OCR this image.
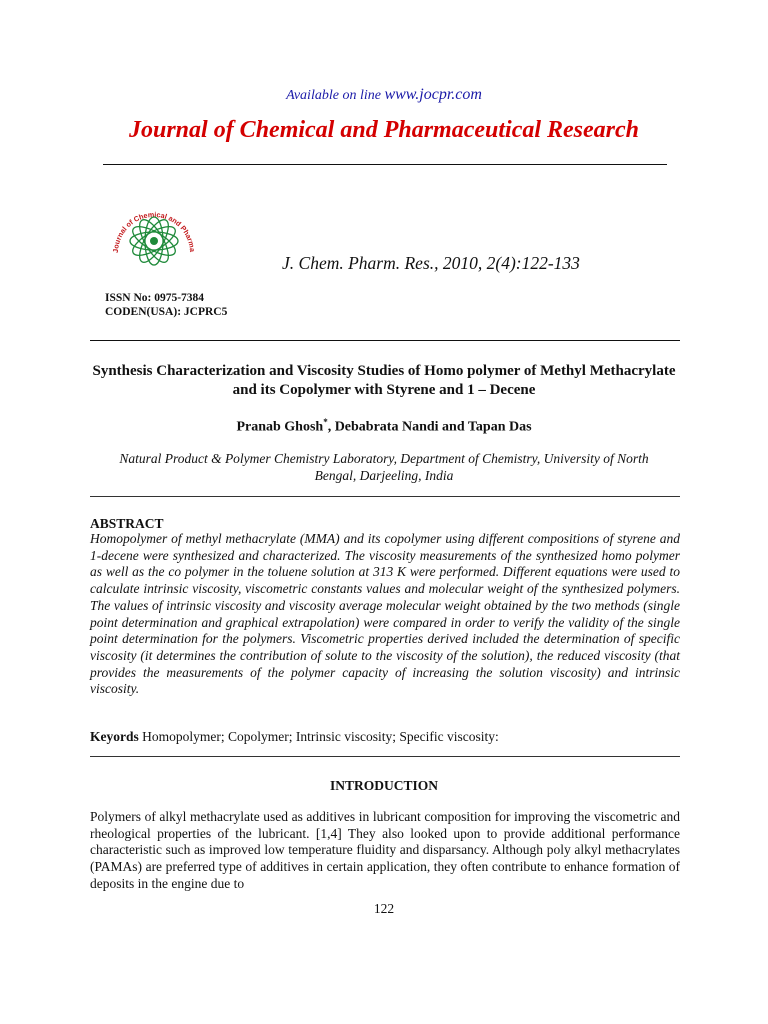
Available on line www.jocpr.com
Journal of Chemical and Pharmaceutical Research
Journal of Chemical and Pharma
J. Chem. Pharm. Res., 2010, 2(4):122-133
ISSN No: 0975-7384
CODEN(USA): JCPRC5
Synthesis Characterization and Viscosity Studies of Homo polymer of Methyl Methacrylate and its Copolymer with Styrene and 1 – Decene
Pranab Ghosh*, Debabrata Nandi and Tapan Das
Natural Product & Polymer Chemistry Laboratory, Department of Chemistry, University of North Bengal, Darjeeling, India
ABSTRACT
Homopolymer of methyl methacrylate (MMA) and its copolymer using different compositions of styrene and 1-decene were synthesized and characterized. The viscosity measurements of the synthesized homo polymer as well as the co polymer in the toluene solution at 313 K were performed. Different equations were used to calculate intrinsic viscosity, viscometric constants values and molecular weight of the synthesized polymers. The values of intrinsic viscosity and viscosity average molecular weight obtained by the two methods (single point determination and graphical extrapolation) were compared in order to verify the validity of the single point determination for the polymers. Viscometric properties derived included the determination of specific viscosity (it determines the contribution of solute to the viscosity of the solution), the reduced viscosity (that provides the measurements of the polymer capacity of increasing the solution viscosity) and intrinsic viscosity.
Keyords Homopolymer; Copolymer; Intrinsic viscosity; Specific viscosity:
INTRODUCTION
Polymers of alkyl methacrylate used as additives in lubricant composition for improving the viscometric and rheological properties of the lubricant. [1,4] They also looked upon to provide additional performance characteristic such as improved low temperature fluidity and disparsancy. Although poly alkyl methacrylates (PAMAs) are preferred type of additives in certain application, they often contribute to enhance formation of deposits in the engine due to
122
